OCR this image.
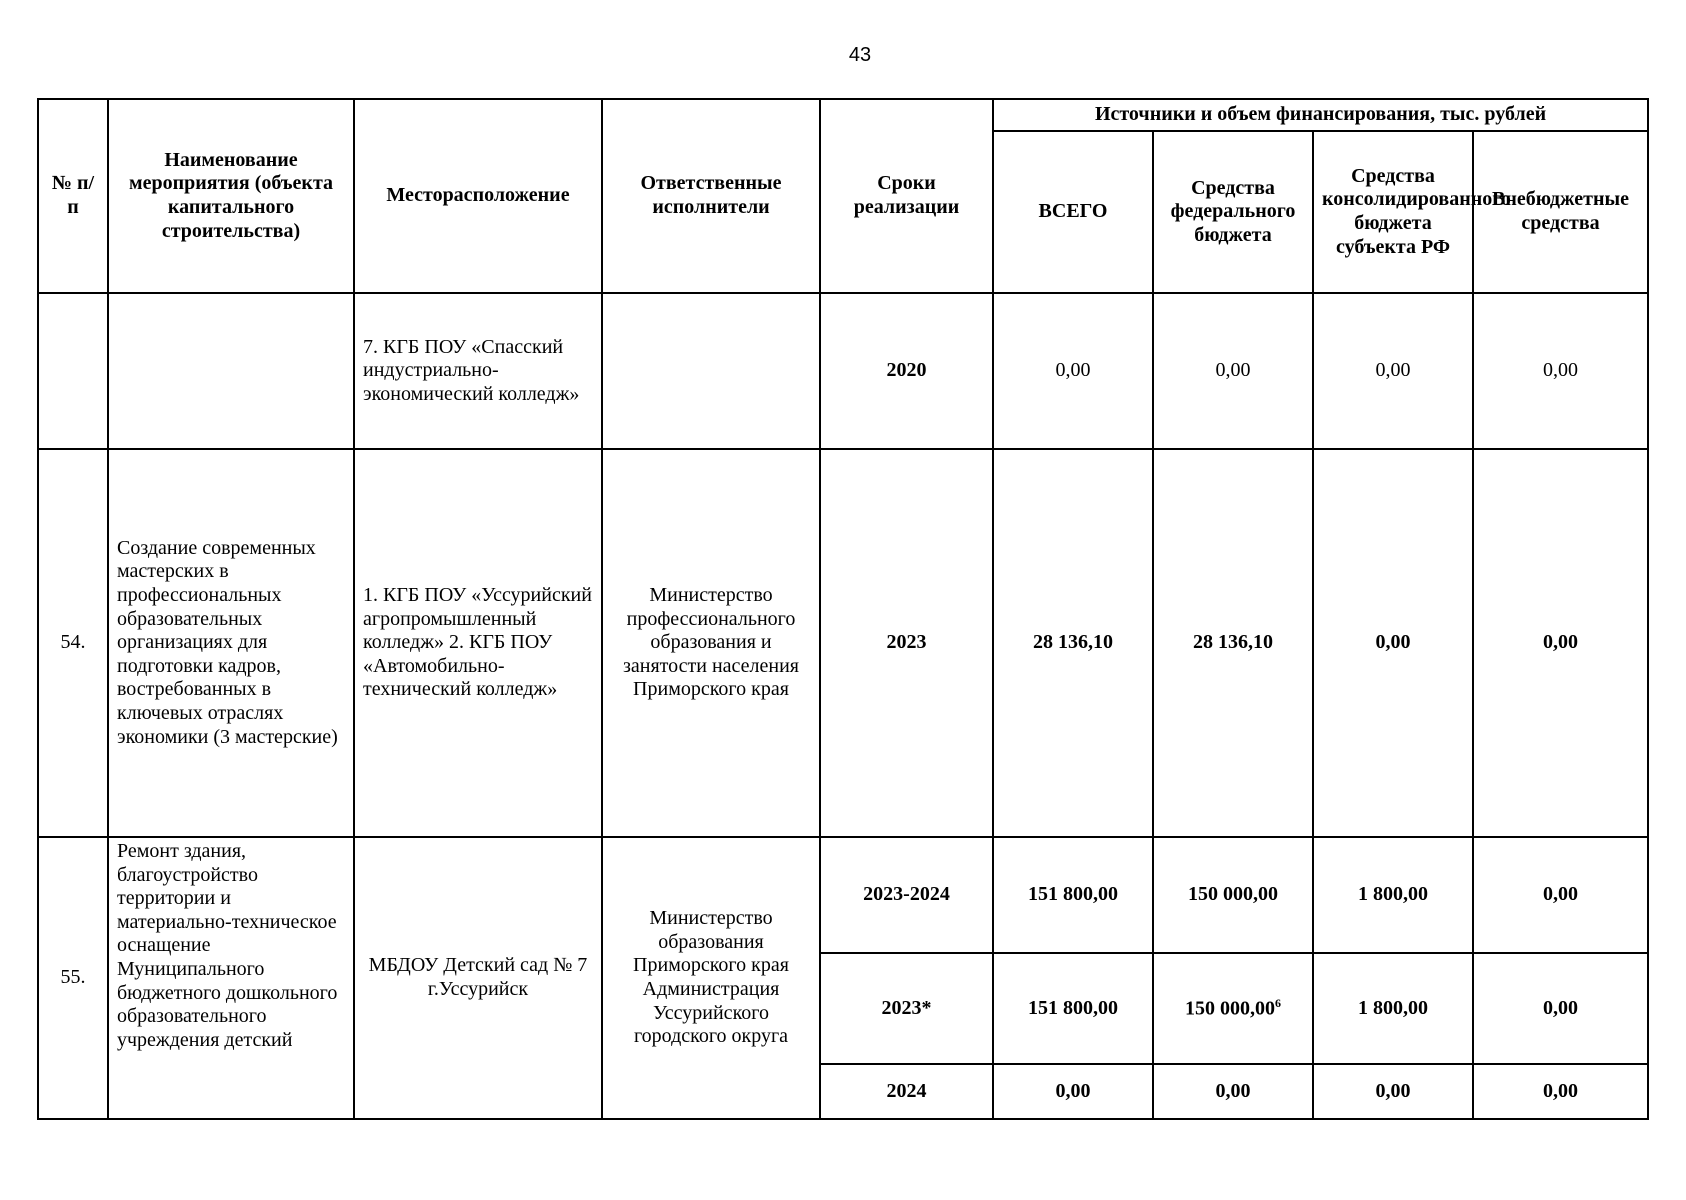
43
№ п/п	Наименование мероприятия (объекта капитального строительства)	Месторасположение	Ответственные исполнители	Сроки реализации	Источники и объем финансирования, тыс. рублей			
					ВСЕГО	Средства федерального бюджета	Средства консолидированного бюджета субъекта РФ	Внебюджетные средства
		7. КГБ ПОУ «Спасский индустриально-экономический колледж»		2020	0,00	0,00	0,00	0,00
54.	Создание современных мастерских в профессиональных образовательных организациях для подготовки кадров, востребованных в ключевых отраслях экономики (3 мастерские)	1. КГБ ПОУ «Уссурийский агропромышленный колледж» 2. КГБ ПОУ «Автомобильно-технический колледж»	Министерство профессионального образования и занятости населения Приморского края	2023	28 136,10	28 136,10	0,00	0,00
55.	Ремонт здания, благоустройство территории и материально-техническое оснащение Муниципального бюджетного дошкольного образовательного учреждения детский	МБДОУ Детский сад № 7 г.Уссурийск	Министерство образования Приморского края Администрация Уссурийского городского округа	2023-2024	151 800,00	150 000,00	1 800,00	0,00
				2023*	151 800,00	150 000,00$^6$	1 800,00	0,00
				2024	0,00	0,00	0,00	0,00
